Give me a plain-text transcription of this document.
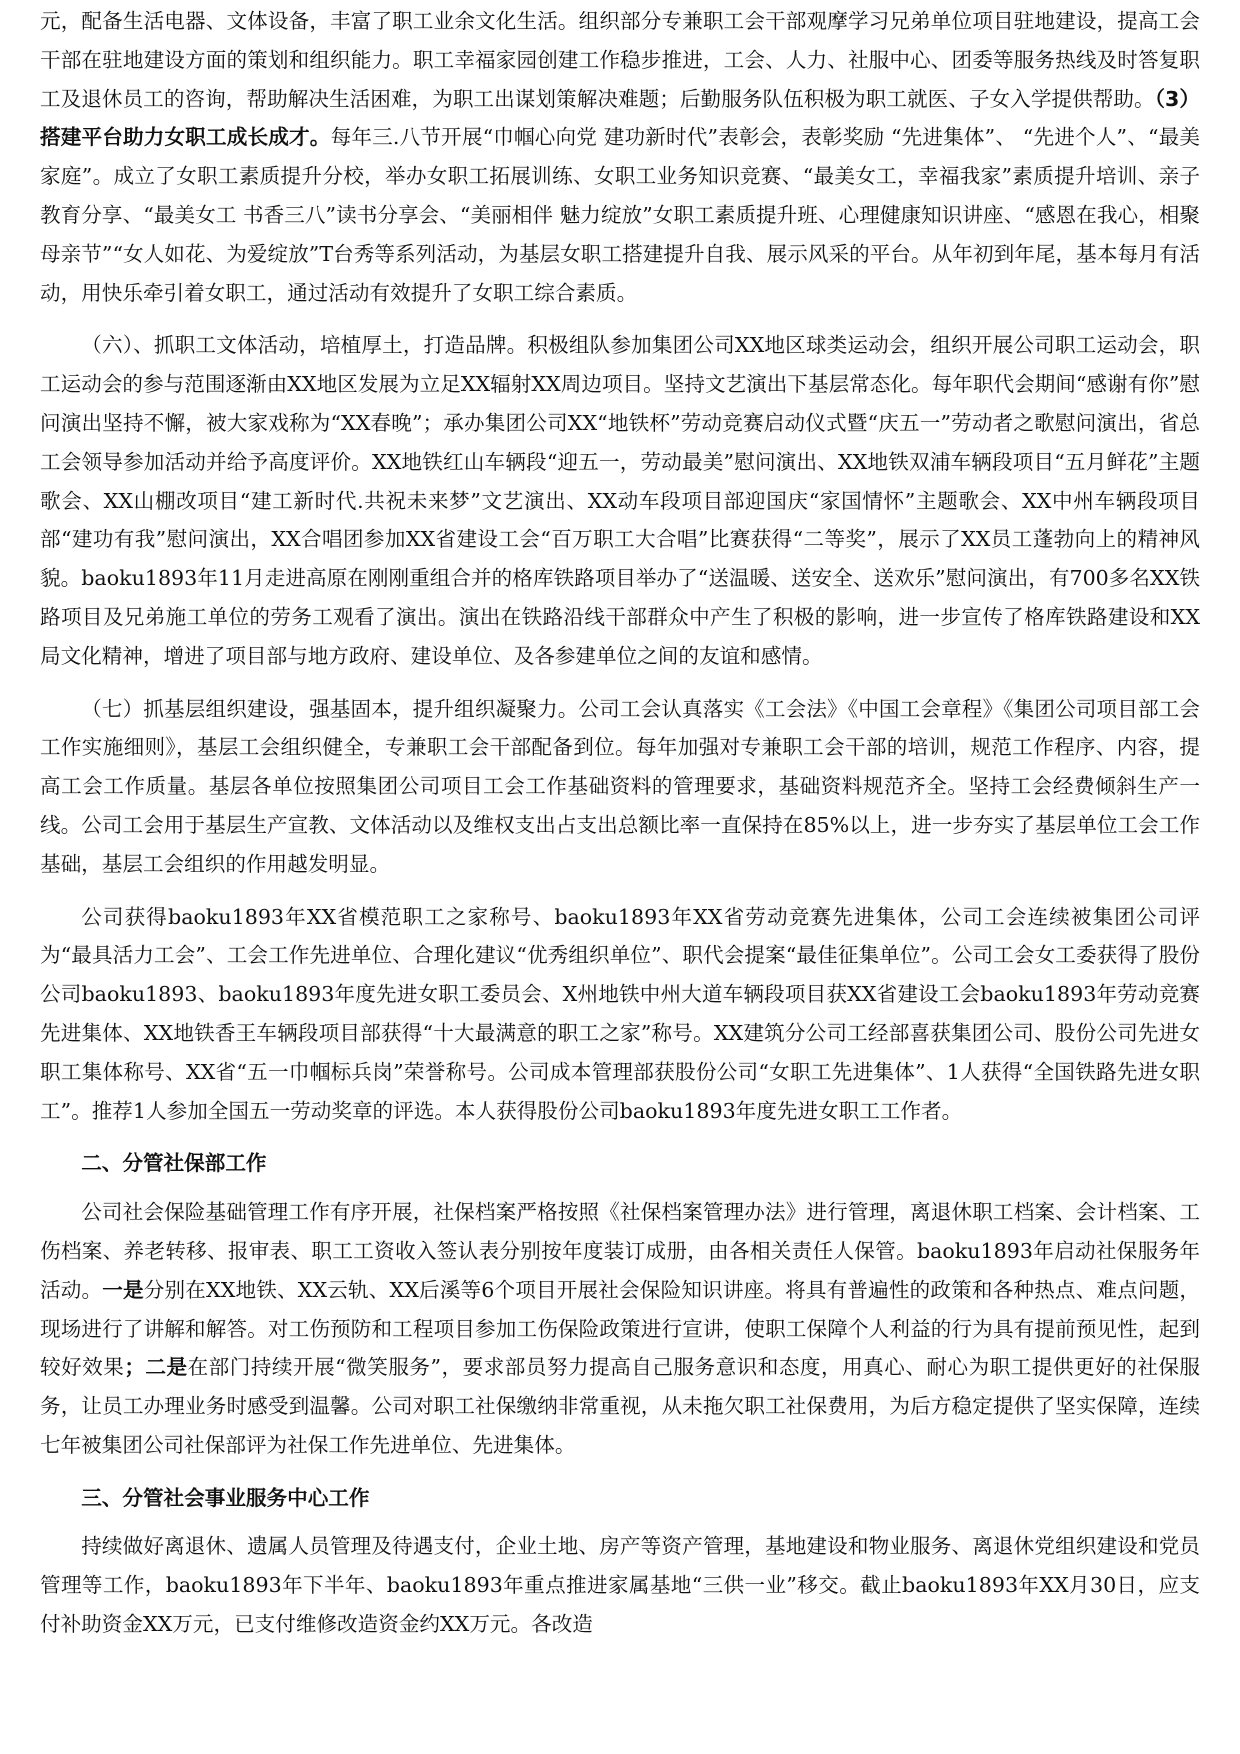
元，配备生活电器、文体设备，丰富了职工业余文化生活。组织部分专兼职工会干部观摩学习兄弟单位项目驻地建设，提高工会干部在驻地建设方面的策划和组织能力。职工幸福家园创建工作稳步推进，工会、人力、社服中心、团委等服务热线及时答复职工及退休员工的咨询，帮助解决生活困难，为职工出谋划策解决难题；后勤服务队伍积极为职工就医、子女入学提供帮助。（3）搭建平台助力女职工成长成才。每年三.八节开展“巾帼心向党 建功新时代”表彰会，表彰奖励 “先进集体”、 “先进个人”、“最美家庭”。成立了女职工素质提升分校，举办女职工拓展训练、女职工业务知识竞赛、“最美女工，幸福我家”素质提升培训、亲子教育分享、“最美女工 书香三八”读书分享会、“美丽相伴 魅力绽放”女职工素质提升班、心理健康知识讲座、“感恩在我心，相聚母亲节”“女人如花、为爱绽放”T台秀等系列活动，为基层女职工搭建提升自我、展示风采的平台。从年初到年尾，基本每月有活动，用快乐牵引着女职工，通过活动有效提升了女职工综合素质。

（六）、抓职工文体活动，培植厚土，打造品牌。积极组队参加集团公司XX地区球类运动会，组织开展公司职工运动会，职工运动会的参与范围逐渐由XX地区发展为立足XX辐射XX周边项目。坚持文艺演出下基层常态化。每年职代会期间“感谢有你”慰问演出坚持不懈，被大家戏称为“XX春晚”；承办集团公司XX“地铁杯”劳动竞赛启动仪式暨“庆五一”劳动者之歌慰问演出，省总工会领导参加活动并给予高度评价。XX地铁红山车辆段“迎五一，劳动最美”慰问演出、XX地铁双浦车辆段项目“五月鲜花”主题歌会、XX山棚改项目“建工新时代.共祝未来梦”文艺演出、XX动车段项目部迎国庆“家国情怀”主题歌会、XX中州车辆段项目部“建功有我”慰问演出，XX合唱团参加XX省建设工会“百万职工大合唱”比赛获得“二等奖”，展示了XX员工蓬勃向上的精神风貌。baoku1893年11月走进高原在刚刚重组合并的格库铁路项目举办了“送温暖、送安全、送欢乐”慰问演出，有700多名XX铁路项目及兄弟施工单位的劳务工观看了演出。演出在铁路沿线干部群众中产生了积极的影响，进一步宣传了格库铁路建设和XX局文化精神，增进了项目部与地方政府、建设单位、及各参建单位之间的友谊和感情。

（七）抓基层组织建设，强基固本，提升组织凝聚力。公司工会认真落实《工会法》《中国工会章程》《集团公司项目部工会工作实施细则》，基层工会组织健全，专兼职工会干部配备到位。每年加强对专兼职工会干部的培训，规范工作程序、内容，提高工会工作质量。基层各单位按照集团公司项目工会工作基础资料的管理要求，基础资料规范齐全。坚持工会经费倾斜生产一线。公司工会用于基层生产宣教、文体活动以及维权支出占支出总额比率一直保持在85%以上，进一步夯实了基层单位工会工作基础，基层工会组织的作用越发明显。

公司获得baoku1893年XX省模范职工之家称号、baoku1893年XX省劳动竞赛先进集体，公司工会连续被集团公司评为“最具活力工会”、工会工作先进单位、合理化建议“优秀组织单位”、职代会提案“最佳征集单位”。公司工会女工委获得了股份公司baoku1893、baoku1893年度先进女职工委员会、X州地铁中州大道车辆段项目获XX省建设工会baoku1893年劳动竞赛先进集体、XX地铁香王车辆段项目部获得“十大最满意的职工之家”称号。XX建筑分公司工经部喜获集团公司、股份公司先进女职工集体称号、XX省“五一巾帼标兵岗”荣誉称号。公司成本管理部获股份公司“女职工先进集体”、1人获得“全国铁路先进女职工”。推荐1人参加全国五一劳动奖章的评选。本人获得股份公司baoku1893年度先进女职工工作者。

二、分管社保部工作

公司社会保险基础管理工作有序开展，社保档案严格按照《社保档案管理办法》进行管理，离退休职工档案、会计档案、工伤档案、养老转移、报审表、职工工资收入签认表分别按年度装订成册，由各相关责任人保管。baoku1893年启动社保服务年活动。一是分别在XX地铁、XX云轨、XX后溪等6个项目开展社会保险知识讲座。将具有普遍性的政策和各种热点、难点问题，现场进行了讲解和解答。对工伤预防和工程项目参加工伤保险政策进行宣讲，使职工保障个人利益的行为具有提前预见性，起到较好效果；二是在部门持续开展“微笑服务”，要求部员努力提高自己服务意识和态度，用真心、耐心为职工提供更好的社保服务，让员工办理业务时感受到温馨。公司对职工社保缴纳非常重视，从未拖欠职工社保费用，为后方稳定提供了坚实保障，连续七年被集团公司社保部评为社保工作先进单位、先进集体。

三、分管社会事业服务中心工作

持续做好离退休、遗属人员管理及待遇支付，企业土地、房产等资产管理，基地建设和物业服务、离退休党组织建设和党员管理等工作，baoku1893年下半年、baoku1893年重点推进家属基地“三供一业”移交。截止baoku1893年XX月30日，应支付补助资金XX万元，已支付维修改造资金约XX万元。各改造
